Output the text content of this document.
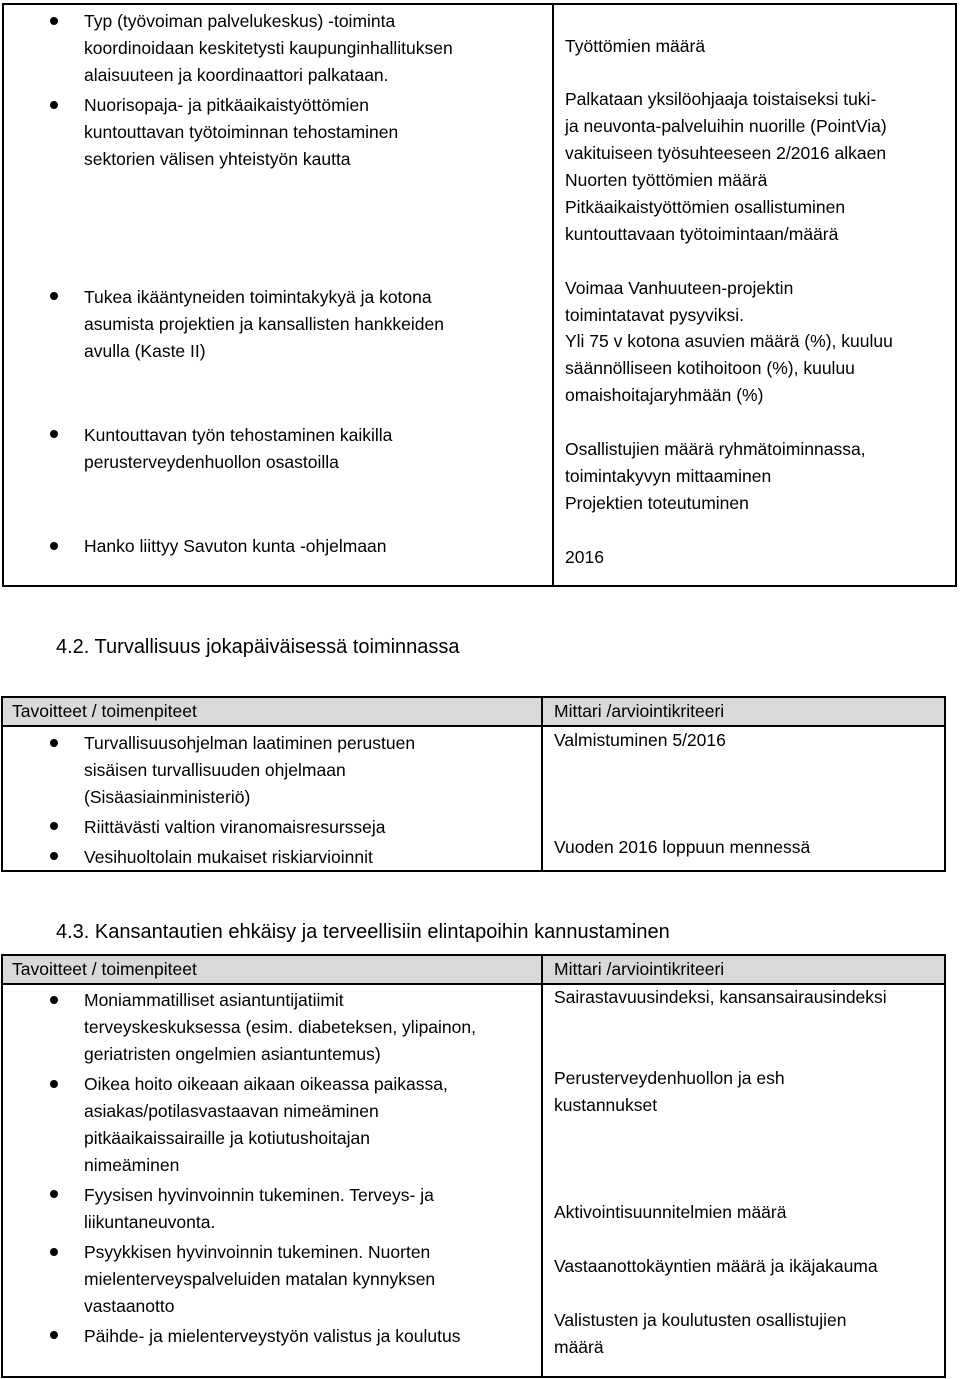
Typ (työvoiman palvelukeskus) -toiminta
koordinoidaan keskitetysti kaupunginhallituksen
alaisuuteen ja koordinaattori palkataan.
Nuorisopaja- ja pitkäaikaistyöttömien
kuntouttavan työtoiminnan tehostaminen
sektorien välisen yhteistyön kautta
Tukea ikääntyneiden toimintakykyä ja kotona
asumista projektien ja kansallisten hankkeiden
avulla (Kaste II)
Kuntouttavan työn tehostaminen kaikilla
perusterveydenhuollon osastoilla
Hanko liittyy Savuton kunta -ohjelmaan
Työttömien määrä
Palkataan yksilöohjaaja toistaiseksi tuki-
ja neuvonta-palveluihin nuorille (PointVia)
vakituiseen työsuhteeseen 2/2016 alkaen
Nuorten työttömien määrä
Pitkäaikaistyöttömien osallistuminen
kuntouttavaan työtoimintaan/määrä
Voimaa Vanhuuteen-projektin
toimintatavat pysyviksi.
Yli 75 v kotona asuvien määrä (%), kuuluu
säännölliseen kotihoitoon (%), kuuluu
omaishoitajaryhmään (%)
Osallistujien määrä ryhmätoiminnassa,
toimintakyvyn mittaaminen
Projektien toteutuminen
2016
4.2. Turvallisuus jokapäiväisessä toiminnassa
Tavoitteet / toimenpiteet	Mittari /arviointikriteeri
Turvallisuusohjelman laatiminen perustuen
sisäisen turvallisuuden ohjelmaan
(Sisäasiainministeriö)
Riittävästi valtion viranomaisresursseja
Vesihuoltolain mukaiset riskiarvioinnit
Valmistuminen 5/2016
Vuoden 2016 loppuun mennessä
4.3. Kansantautien ehkäisy ja terveellisiin elintapoihin kannustaminen
Tavoitteet / toimenpiteet	Mittari /arviointikriteeri
Moniammatilliset asiantuntijatiimit
terveyskeskuksessa (esim. diabeteksen, ylipainon,
geriatristen ongelmien asiantuntemus)
Oikea hoito oikeaan aikaan oikeassa paikassa,
asiakas/potilasvastaavan nimeäminen
pitkäaikaissairaille ja kotiutushoitajan
nimeäminen
Fyysisen hyvinvoinnin tukeminen. Terveys- ja
liikuntaneuvonta.
Psyykkisen hyvinvoinnin tukeminen. Nuorten
mielenterveyspalveluiden matalan kynnyksen
vastaanotto
Päihde- ja mielenterveystyön valistus ja koulutus
Sairastavuusindeksi, kansansairausindeksi
Perusterveydenhuollon ja esh
kustannukset
Aktivointisuunnitelmien määrä
Vastaanottokäyntien määrä ja ikäjakauma
Valistusten ja koulutusten osallistujien
määrä
